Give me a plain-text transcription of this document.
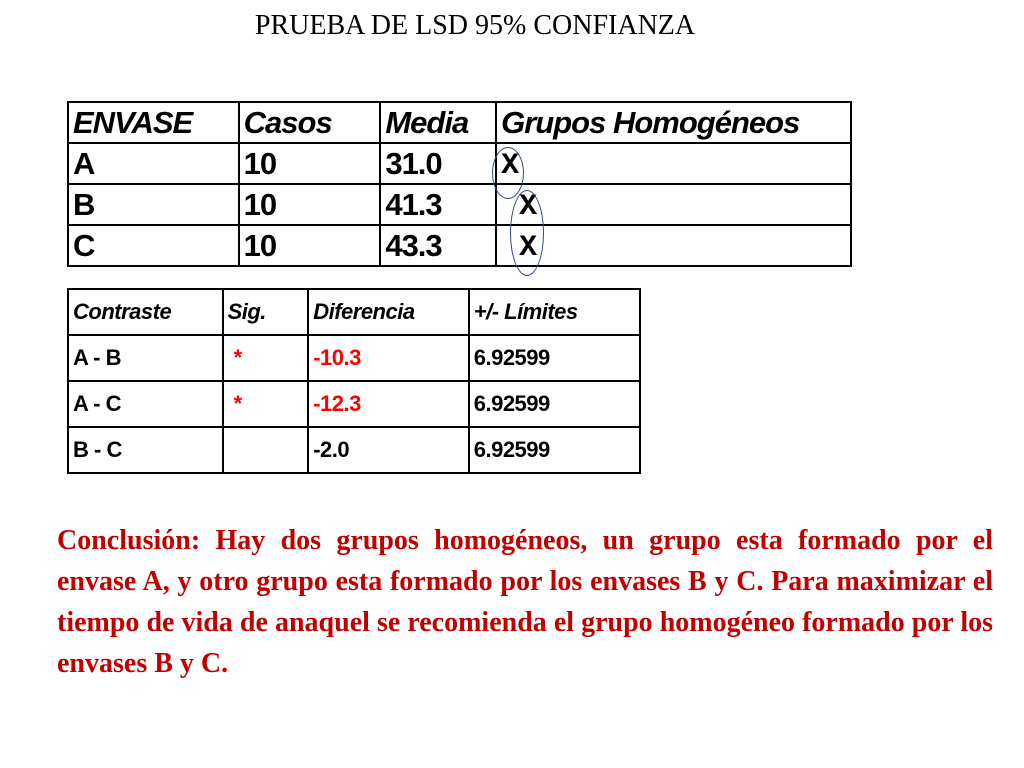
PRUEBA DE LSD 95% CONFIANZA
ENVASE	Casos	Media	Grupos Homogéneos
A	10	31.0	X
B	10	41.3	X
C	10	43.3	X
Contraste	Sig.	Diferencia	+/- Límites
A - B	*	-10.3	6.92599
A - C	*	-12.3	6.92599
B - C		-2.0	6.92599
Conclusión: Hay dos grupos homogéneos, un grupo esta formado por el envase A, y otro grupo esta formado por los envases B y C. Para maximizar el tiempo de vida de anaquel se recomienda el grupo homogéneo formado por los envases B y C.
